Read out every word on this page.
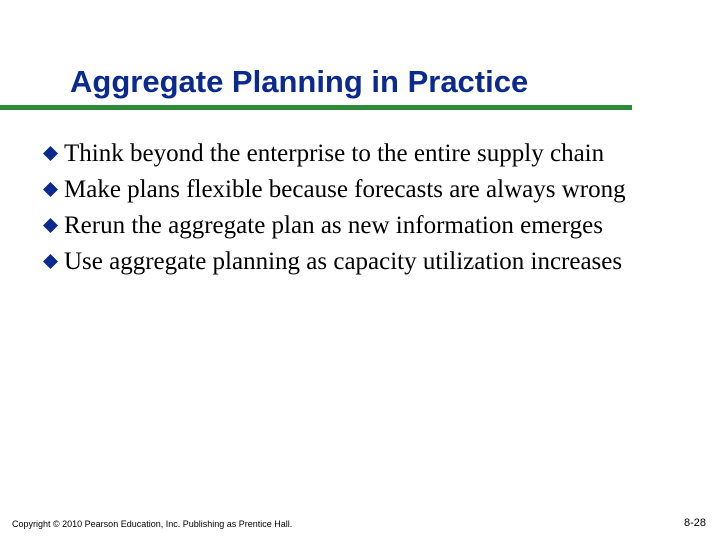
Aggregate Planning in Practice
Think beyond the enterprise to the entire supply chain
Make plans flexible because forecasts are always wrong
Rerun the aggregate plan as new information emerges
Use aggregate planning as capacity utilization increases
Copyright © 2010 Pearson Education, Inc. Publishing as Prentice Hall.	8-28
